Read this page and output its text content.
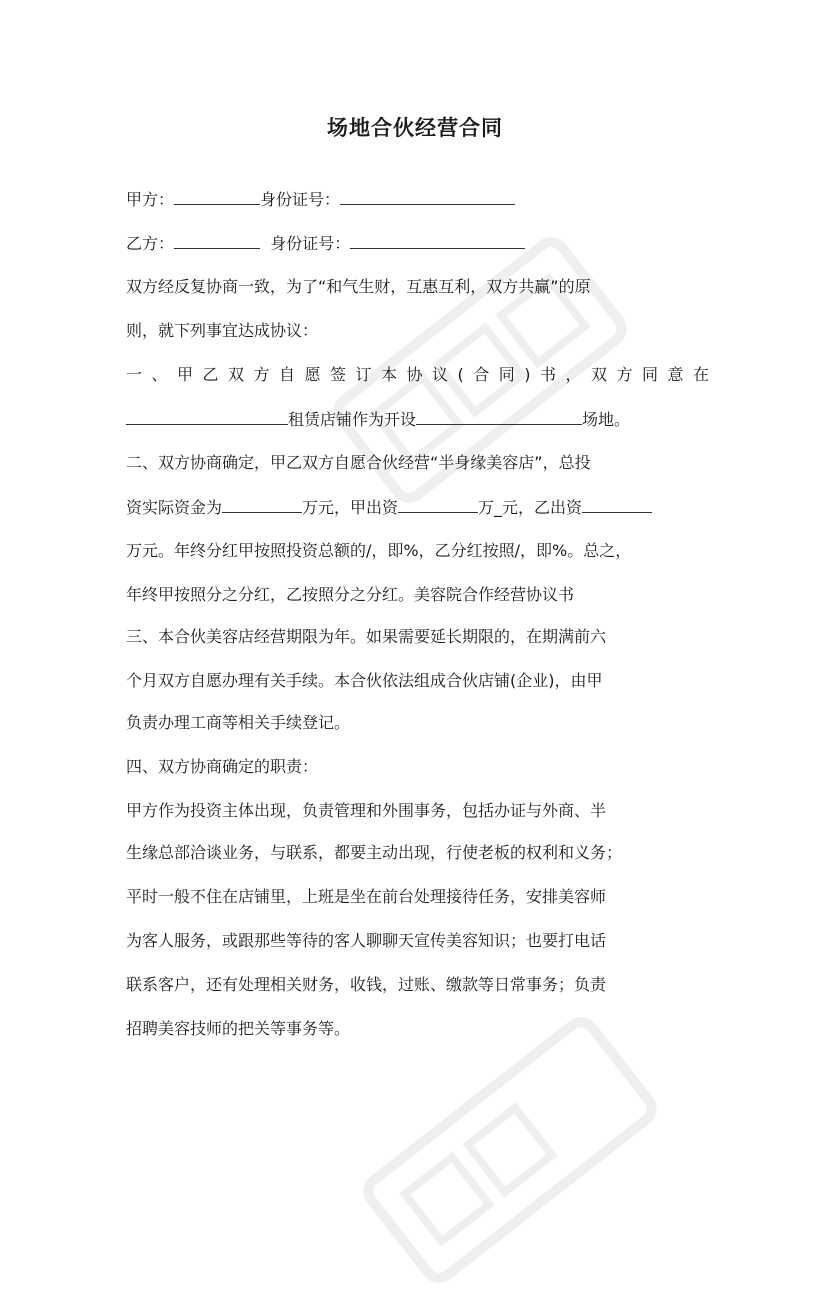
场地合伙经营合同
甲方：	身份证号：
乙方：	身份证号：
双方经反复协商一致，为了“和气生财，互惠互利，双方共赢”的原
则，就下列事宜达成协议：
一、甲乙双方自愿签订本协议(合同)书，双方同意在
租赁店铺作为开设	场地。
二、双方协商确定，甲乙双方自愿合伙经营“半身缘美容店”，总投
资实际资金为	万元，甲出资	万_元，乙出资
万元。年终分红甲按照投资总额的/，即%，乙分红按照/，即%。总之，
年终甲按照分之分红，乙按照分之分红。美容院合作经营协议书
三、本合伙美容店经营期限为年。如果需要延长期限的，在期满前六
个月双方自愿办理有关手续。本合伙依法组成合伙店铺(企业)，由甲
负责办理工商等相关手续登记。
四、双方协商确定的职责：
甲方作为投资主体出现，负责管理和外围事务，包括办证与外商、半
生缘总部洽谈业务，与联系，都要主动出现，行使老板的权利和义务；
平时一般不住在店铺里，上班是坐在前台处理接待任务，安排美容师
为客人服务，或跟那些等待的客人聊聊天宣传美容知识；也要打电话
联系客户，还有处理相关财务，收钱，过账、缴款等日常事务；负责
招聘美容技师的把关等事务等。
